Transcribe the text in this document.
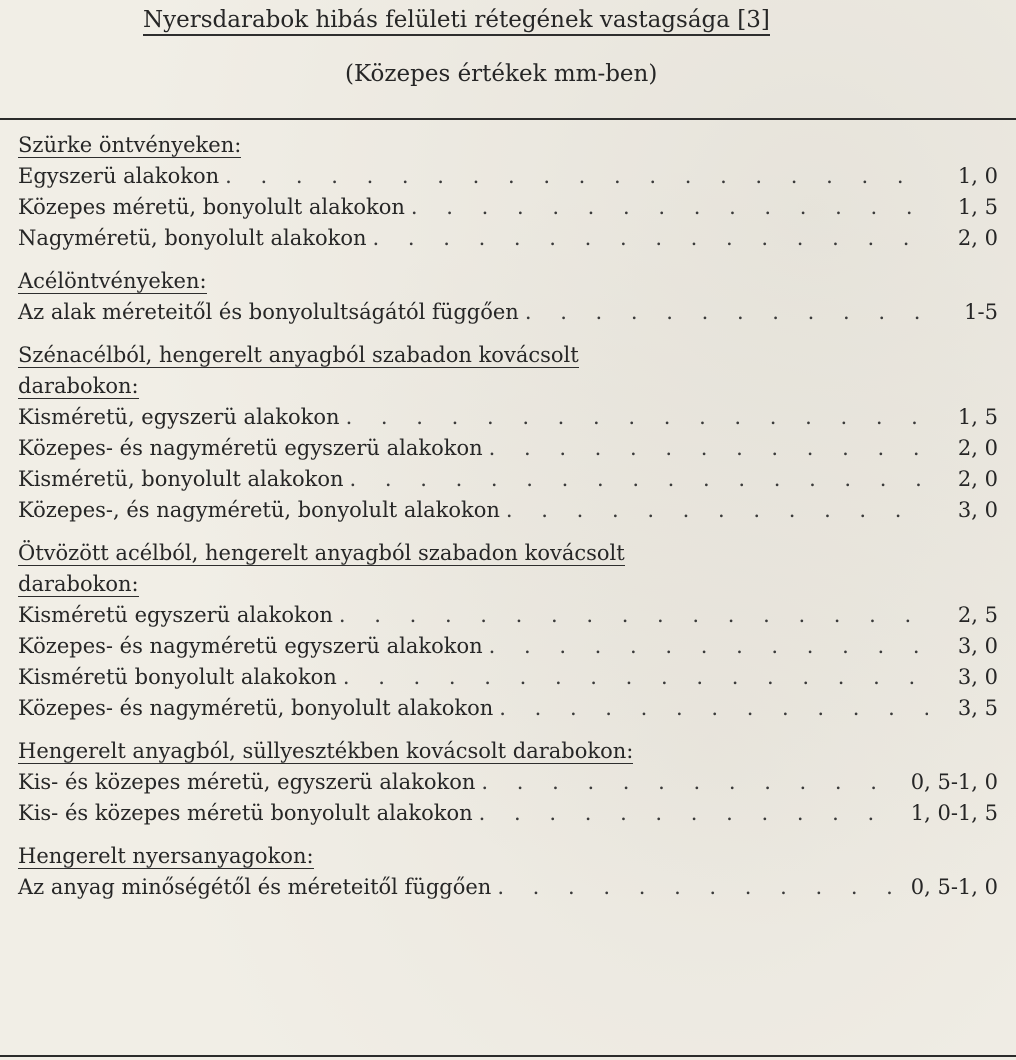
Nyersdarabok hibás felületi rétegének vastagsága [3]
(Közepes értékek mm-ben)
Szürke öntvényeken:
Egyszerü alakokon . . .	1, 0
Közepes méretü, bonyolult alakokon . . .	1, 5
Nagyméretü, bonyolult alakokon . . .	2, 0
Acélöntvényeken:
Az alak méreteitől és bonyolultságától függően . . .	1-5
Szénacélból, hengerelt anyagból szabadon kovácsolt
darabokon:
Kisméretü, egyszerü alakokon . . .	1, 5
Közepes- és nagyméretü egyszerü alakokon . . .	2, 0
Kisméretü, bonyolult alakokon . . .	2, 0
Közepes-, és nagyméretü, bonyolult alakokon . . .	3, 0
Ötvözött acélból, hengerelt anyagból szabadon kovácsolt
darabokon:
Kisméretü egyszerü alakokon . . .	2, 5
Közepes- és nagyméretü egyszerü alakokon . . .	3, 0
Kisméretü bonyolult alakokon . . .	3, 0
Közepes- és nagyméretü, bonyolult alakokon . . .	3, 5
Hengerelt anyagból, süllyesztékben kovácsolt darabokon:
Kis- és közepes méretü, egyszerü alakokon . . .	0, 5-1, 0
Kis- és közepes méretü bonyolult alakokon . . .	1, 0-1, 5
Hengerelt nyersanyagokon:
Az anyag minőségétől és méreteitől függően . . .	0, 5-1, 0
